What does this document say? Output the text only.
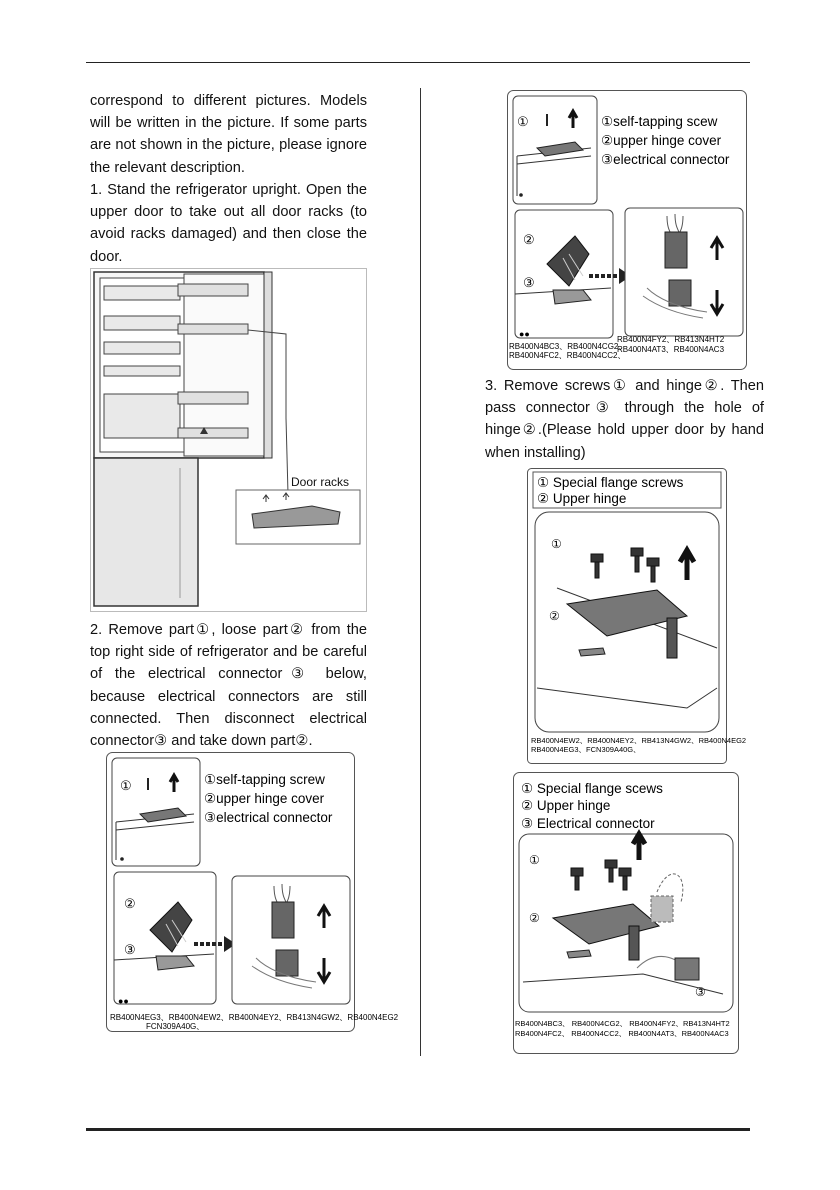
correspond to different pictures. Models will be written in the picture. If some parts are not shown in the picture, please ignore the relevant description.

1. Stand the refrigerator upright. Open the upper door to take out all door racks (to avoid racks damaged) and then close the door.

Door racks

2. Remove part①, loose part② from the top right side of refrigerator and be careful of the electrical connector③ below, because electrical connectors are still connected. Then disconnect electrical connector③ and take down part②.

①	①self-tapping screw
②upper hinge cover
③electrical connector
②
③
●●
RB400N4EG3、RB400N4EW2、RB400N4EY2、RB413N4GW2、RB400N4EG2
FCN309A40G、
①	①self-tapping scew
②upper hinge cover
③electrical connector
②
③
●●
RB400N4BC3、RB400N4CG2、
RB400N4FC2、RB400N4CC2、
RB400N4FY2、RB413N4HT2
RB400N4AT3、RB400N4AC3

3. Remove screws① and hinge②. Then pass connector③ through the hole of hinge②.(Please hold upper door by hand when installing)

① Special flange screws
② Upper hinge
①
②
RB400N4EW2、RB400N4EY2、RB413N4GW2、RB400N4EG2
RB400N4EG3、FCN309A40G、
① Special flange scews
② Upper hinge
③ Electrical connector
①
②
③
RB400N4BC3、 RB400N4CG2、 RB400N4FY2、RB413N4HT2
RB400N4FC2、 RB400N4CC2、 RB400N4AT3、RB400N4AC3
